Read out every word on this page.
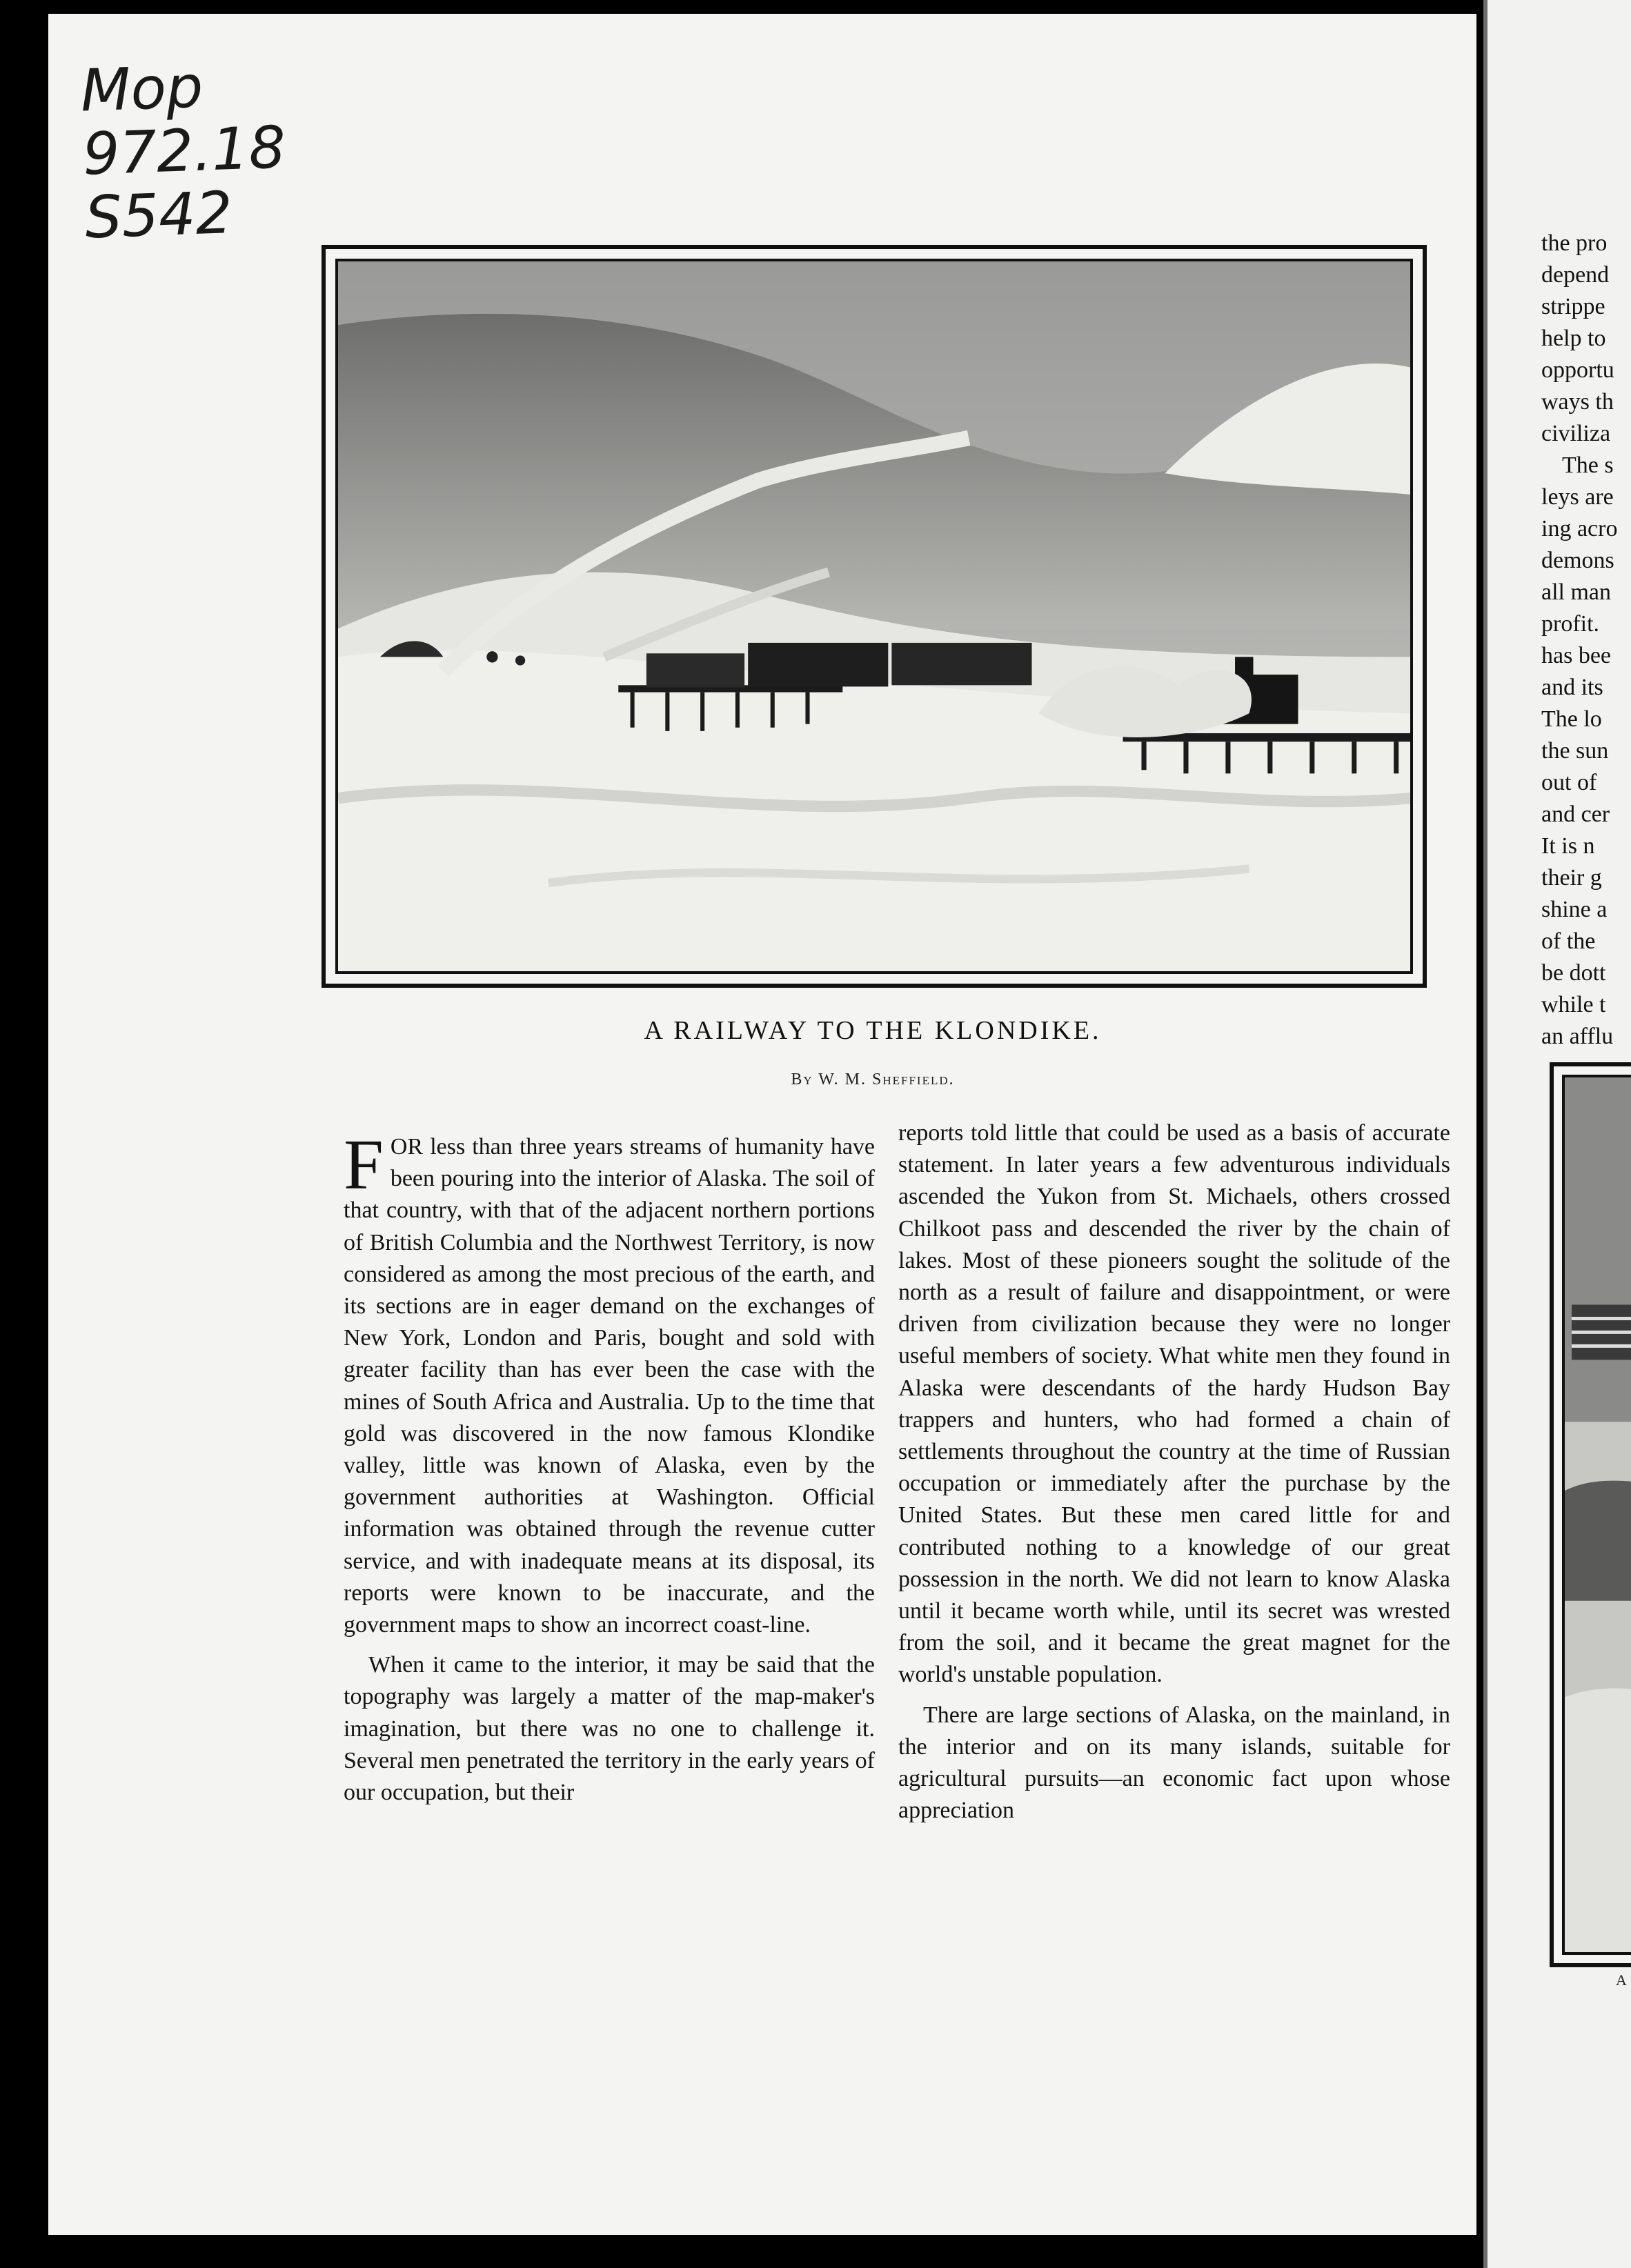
Mop
972.18
S542
A RAILWAY TO THE KLONDIKE.
By W. M. Sheffield.

FOR less than three years streams of humanity have been pouring into the interior of Alaska. The soil of that country, with that of the adjacent northern portions of British Columbia and the Northwest Territory, is now considered as among the most precious of the earth, and its sections are in eager demand on the exchanges of New York, London and Paris, bought and sold with greater facility than has ever been the case with the mines of South Africa and Australia. Up to the time that gold was discovered in the now famous Klondike valley, little was known of Alaska, even by the government authorities at Washington. Official information was obtained through the revenue cutter service, and with inadequate means at its disposal, its reports were known to be inaccurate, and the government maps to show an incorrect coast-line.

When it came to the interior, it may be said that the topography was largely a matter of the map-maker's imagination, but there was no one to challenge it. Several men penetrated the territory in the early years of our occupation, but their

reports told little that could be used as a basis of accurate statement. In later years a few adventurous individuals ascended the Yukon from St. Michaels, others crossed Chilkoot pass and descended the river by the chain of lakes. Most of these pioneers sought the solitude of the north as a result of failure and disappointment, or were driven from civilization because they were no longer useful members of society. What white men they found in Alaska were descendants of the hardy Hudson Bay trappers and hunters, who had formed a chain of settlements throughout the country at the time of Russian occupation or immediately after the purchase by the United States. But these men cared little for and contributed nothing to a knowledge of our great possession in the north. We did not learn to know Alaska until it became worth while, until its secret was wrested from the soil, and it became the great magnet for the world's unstable population.

There are large sections of Alaska, on the mainland, in the interior and on its many islands, suitable for agricultural pursuits—an economic fact upon whose appreciation

the pro
depend
strippe
help to
opportu
ways th
civiliza
The s
leys are
ing acro
demons
all man
profit.
has bee
and its
The lo
the sun
out of
and cer
It is n
their g
shine a
of the
be dott
while t
an afflu
A
